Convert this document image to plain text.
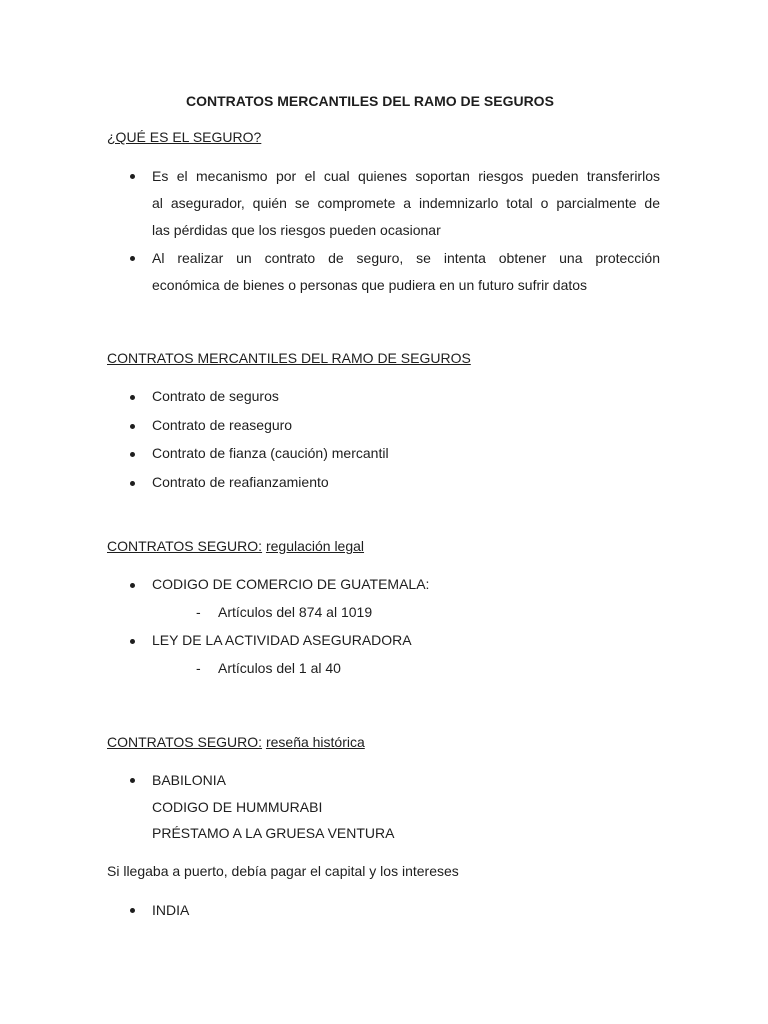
CONTRATOS MERCANTILES DEL RAMO DE SEGUROS
¿QUÉ ES EL SEGURO?
Es el mecanismo por el cual quienes soportan riesgos pueden transferirlos
al asegurador, quién se compromete a indemnizarlo total o parcialmente de
las pérdidas que los riesgos pueden ocasionar
Al realizar un contrato de seguro, se intenta obtener una protección
económica de bienes o personas que pudiera en un futuro sufrir datos
CONTRATOS MERCANTILES DEL RAMO DE SEGUROS
Contrato de seguros
Contrato de reaseguro
Contrato de fianza (caución) mercantil
Contrato de reafianzamiento
CONTRATOS SEGURO: regulación legal
CODIGO DE COMERCIO DE GUATEMALA:
- Artículos del 874 al 1019
LEY DE LA ACTIVIDAD ASEGURADORA
- Artículos del 1 al 40
CONTRATOS SEGURO: reseña histórica
BABILONIA
CODIGO DE HUMMURABI
PRÉSTAMO A LA GRUESA VENTURA
Si llegaba a puerto, debía pagar el capital y los intereses
INDIA
